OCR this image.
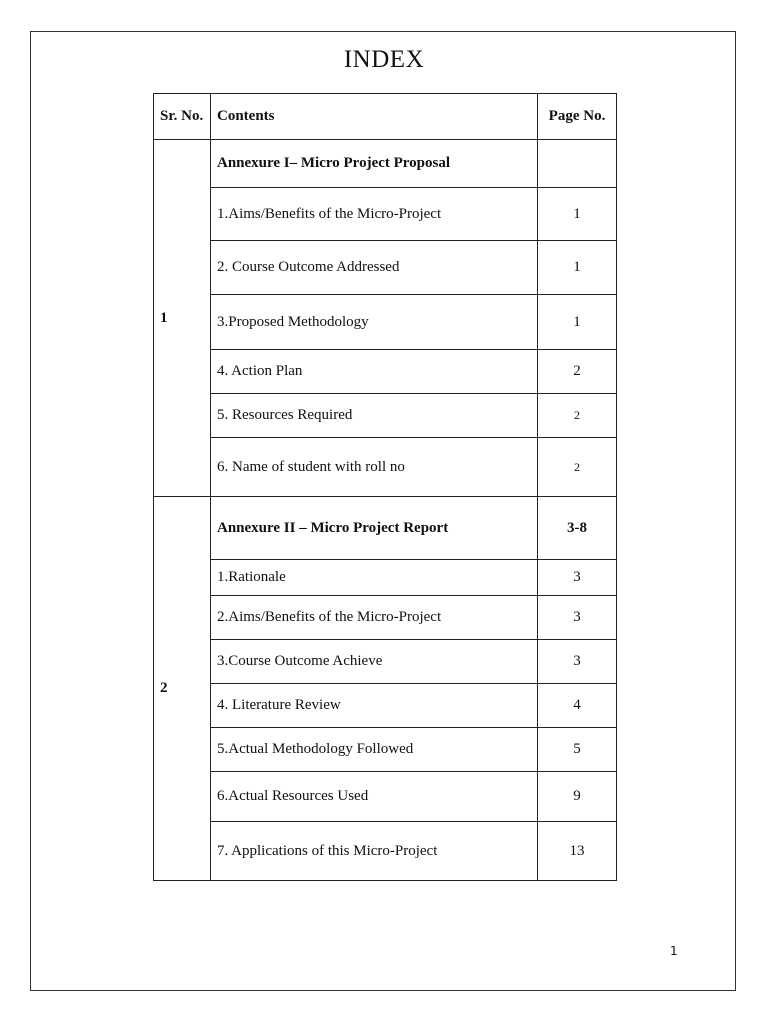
INDEX
Sr. No.	Contents	Page No.
1	Annexure I– Micro Project Proposal	
	1.Aims/Benefits of the Micro-Project	1
	2. Course Outcome Addressed	1
	3.Proposed Methodology	1
	4. Action Plan	2
	5. Resources Required	2
	6. Name of student with roll no	2
2	Annexure II – Micro Project Report	3-8
	1.Rationale	3
	2.Aims/Benefits of the Micro-Project	3
	3.Course Outcome Achieve	3
	4. Literature Review	4
	5.Actual Methodology Followed	5
	6.Actual Resources Used	9
	7. Applications of this Micro-Project	13
1
